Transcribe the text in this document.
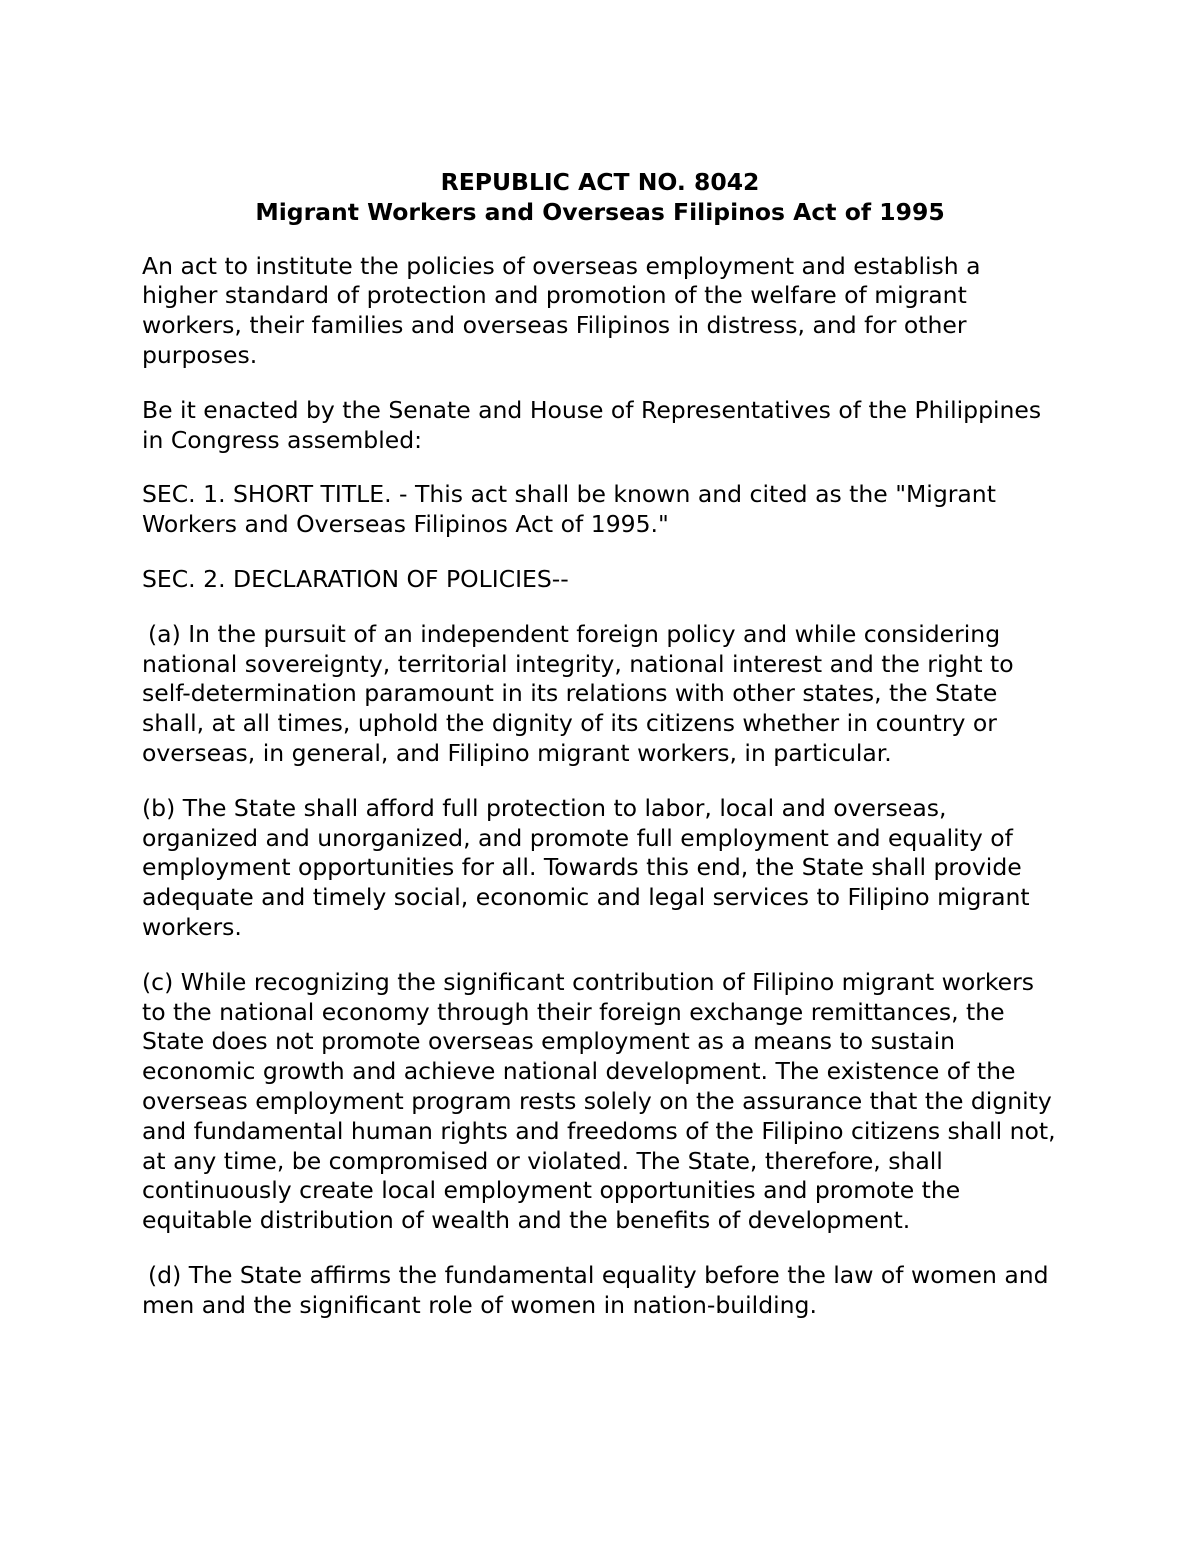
REPUBLIC ACT NO. 8042
Migrant Workers and Overseas Filipinos Act of 1995

An act to institute the policies of overseas employment and establish a higher standard of protection and promotion of the welfare of migrant workers, their families and overseas Filipinos in distress, and for other purposes.

Be it enacted by the Senate and House of Representatives of the Philippines in Congress assembled:

SEC. 1. SHORT TITLE. - This act shall be known and cited as the "Migrant Workers and Overseas Filipinos Act of 1995."

SEC. 2. DECLARATION OF POLICIES--

(a) In the pursuit of an independent foreign policy and while considering national sovereignty, territorial integrity, national interest and the right to self-determination paramount in its relations with other states, the State shall, at all times, uphold the dignity of its citizens whether in country or overseas, in general, and Filipino migrant workers, in particular.

(b) The State shall afford full protection to labor, local and overseas, organized and unorganized, and promote full employment and equality of employment opportunities for all. Towards this end, the State shall provide adequate and timely social, economic and legal services to Filipino migrant workers.

(c) While recognizing the significant contribution of Filipino migrant workers to the national economy through their foreign exchange remittances, the State does not promote overseas employment as a means to sustain economic growth and achieve national development. The existence of the overseas employment program rests solely on the assurance that the dignity and fundamental human rights and freedoms of the Filipino citizens shall not, at any time, be compromised or violated. The State, therefore, shall continuously create local employment opportunities and promote the equitable distribution of wealth and the benefits of development.

(d) The State affirms the fundamental equality before the law of women and men and the significant role of women in nation-building.
